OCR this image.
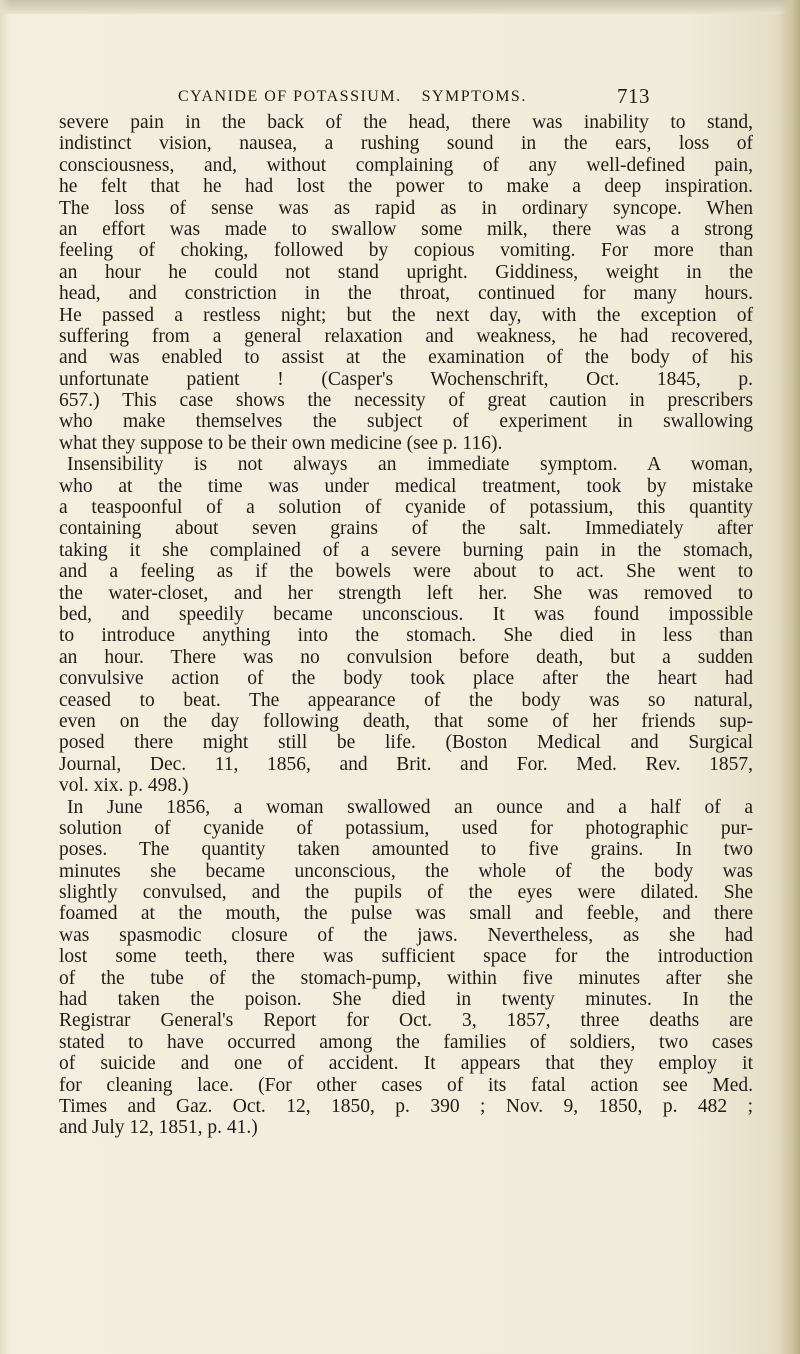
CYANIDE OF POTASSIUM. SYMPTOMS.	713
severe pain in the back of the head, there was inability to stand,
indistinct vision, nausea, a rushing sound in the ears, loss of
consciousness, and, without complaining of any well-defined pain,
he felt that he had lost the power to make a deep inspiration.
The loss of sense was as rapid as in ordinary syncope. When
an effort was made to swallow some milk, there was a strong
feeling of choking, followed by copious vomiting. For more than
an hour he could not stand upright. Giddiness, weight in the
head, and constriction in the throat, continued for many hours.
He passed a restless night; but the next day, with the exception of
suffering from a general relaxation and weakness, he had recovered,
and was enabled to assist at the examination of the body of his
unfortunate patient ! (Casper's Wochenschrift, Oct. 1845, p.
657.) This case shows the necessity of great caution in prescribers
who make themselves the subject of experiment in swallowing
what they suppose to be their own medicine (see p. 116).
Insensibility is not always an immediate symptom. A woman,
who at the time was under medical treatment, took by mistake
a teaspoonful of a solution of cyanide of potassium, this quantity
containing about seven grains of the salt. Immediately after
taking it she complained of a severe burning pain in the stomach,
and a feeling as if the bowels were about to act. She went to
the water-closet, and her strength left her. She was removed to
bed, and speedily became unconscious. It was found impossible
to introduce anything into the stomach. She died in less than
an hour. There was no convulsion before death, but a sudden
convulsive action of the body took place after the heart had
ceased to beat. The appearance of the body was so natural,
even on the day following death, that some of her friends sup-
posed there might still be life. (Boston Medical and Surgical
Journal, Dec. 11, 1856, and Brit. and For. Med. Rev. 1857,
vol. xix. p. 498.)
In June 1856, a woman swallowed an ounce and a half of a
solution of cyanide of potassium, used for photographic pur-
poses. The quantity taken amounted to five grains. In two
minutes she became unconscious, the whole of the body was
slightly convulsed, and the pupils of the eyes were dilated. She
foamed at the mouth, the pulse was small and feeble, and there
was spasmodic closure of the jaws. Nevertheless, as she had
lost some teeth, there was sufficient space for the introduction
of the tube of the stomach-pump, within five minutes after she
had taken the poison. She died in twenty minutes. In the
Registrar General's Report for Oct. 3, 1857, three deaths are
stated to have occurred among the families of soldiers, two cases
of suicide and one of accident. It appears that they employ it
for cleaning lace. (For other cases of its fatal action see Med.
Times and Gaz. Oct. 12, 1850, p. 390 ; Nov. 9, 1850, p. 482 ;
and July 12, 1851, p. 41.)
